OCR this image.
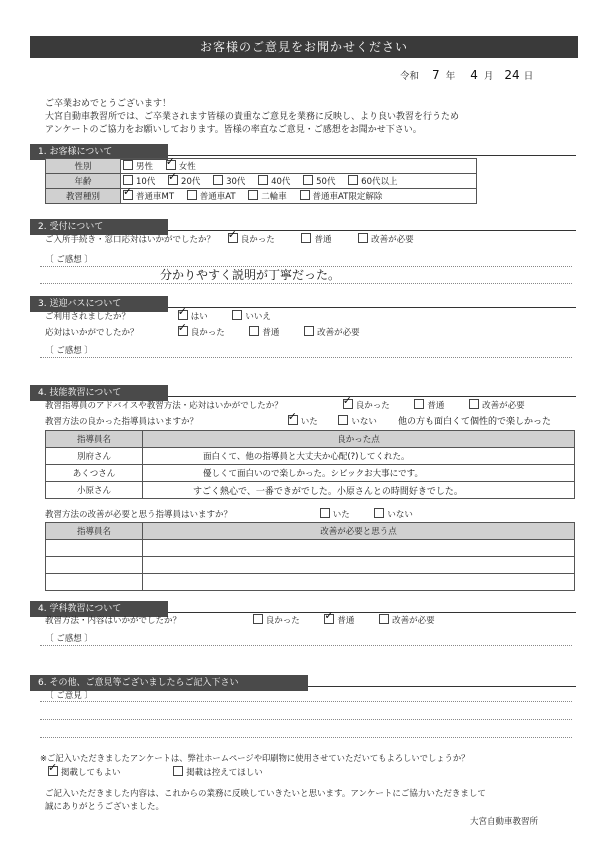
お客様のご意見をお聞かせください
令和 7 年 4 月 24 日
ご卒業おめでとうございます！
大宮自動車教習所では、ご卒業されます皆様の貴重なご意見を業務に反映し、より良い教習を行うため
アンケートのご協力をお願いしております。皆様の率直なご意見・ご感想をお聞かせ下さい。
1. お客様について
性別	男性 ✓ 女性
年齢	10代 ✓ 20代 30代 40代 50代 60代以上
教習種別	✓ 普通車MT 普通車AT 二輪車 普通車AT限定解除
2. 受付について
ご入所手続き・窓口応対はいかがでしたか？ ✓ 良かった	普通	改善が必要
〔 ご感想 〕
分かりやすく説明が丁寧だった。
3. 送迎バスについて
ご利用されましたか？	✓ はい	いいえ
応対はいかがでしたか？	✓ 良かった	普通	改善が必要
〔 ご感想 〕
4. 技能教習について
教習指導員のアドバイスや教習方法・応対はいかがでしたか？	✓ 良かった	普通	改善が必要
教習方法の良かった指導員はいますか？	✓ いた	いない	他の方も面白くて個性的で楽しかった
指導員名	良かった点
別府さん	面白くて、他の指導員と大丈夫か心配(?)してくれた。
あくつさん	優しくて面白いので楽しかった。シビックお大事にです。
小原さん	すごく熱心で、一番できがでした。小原さんとの時間好きでした。
教習方法の改善が必要と思う指導員はいますか？	いた	いない
指導員名	改善が必要と思う点

4. 学科教習について
教習方法・内容はいかがでしたか？	良かった ✓ 普通	改善が必要
〔 ご感想 〕
6. その他、ご意見等ございましたらご記入下さい
〔 ご意見 〕
※ご記入いただきましたアンケートは、弊社ホームページや印刷物に使用させていただいてもよろしいでしょうか？
✓ 掲載してもよい	掲載は控えてほしい
ご記入いただきました内容は、これからの業務に反映していきたいと思います。アンケートにご協力いただきまして
誠にありがとうございました。
大宮自動車教習所
